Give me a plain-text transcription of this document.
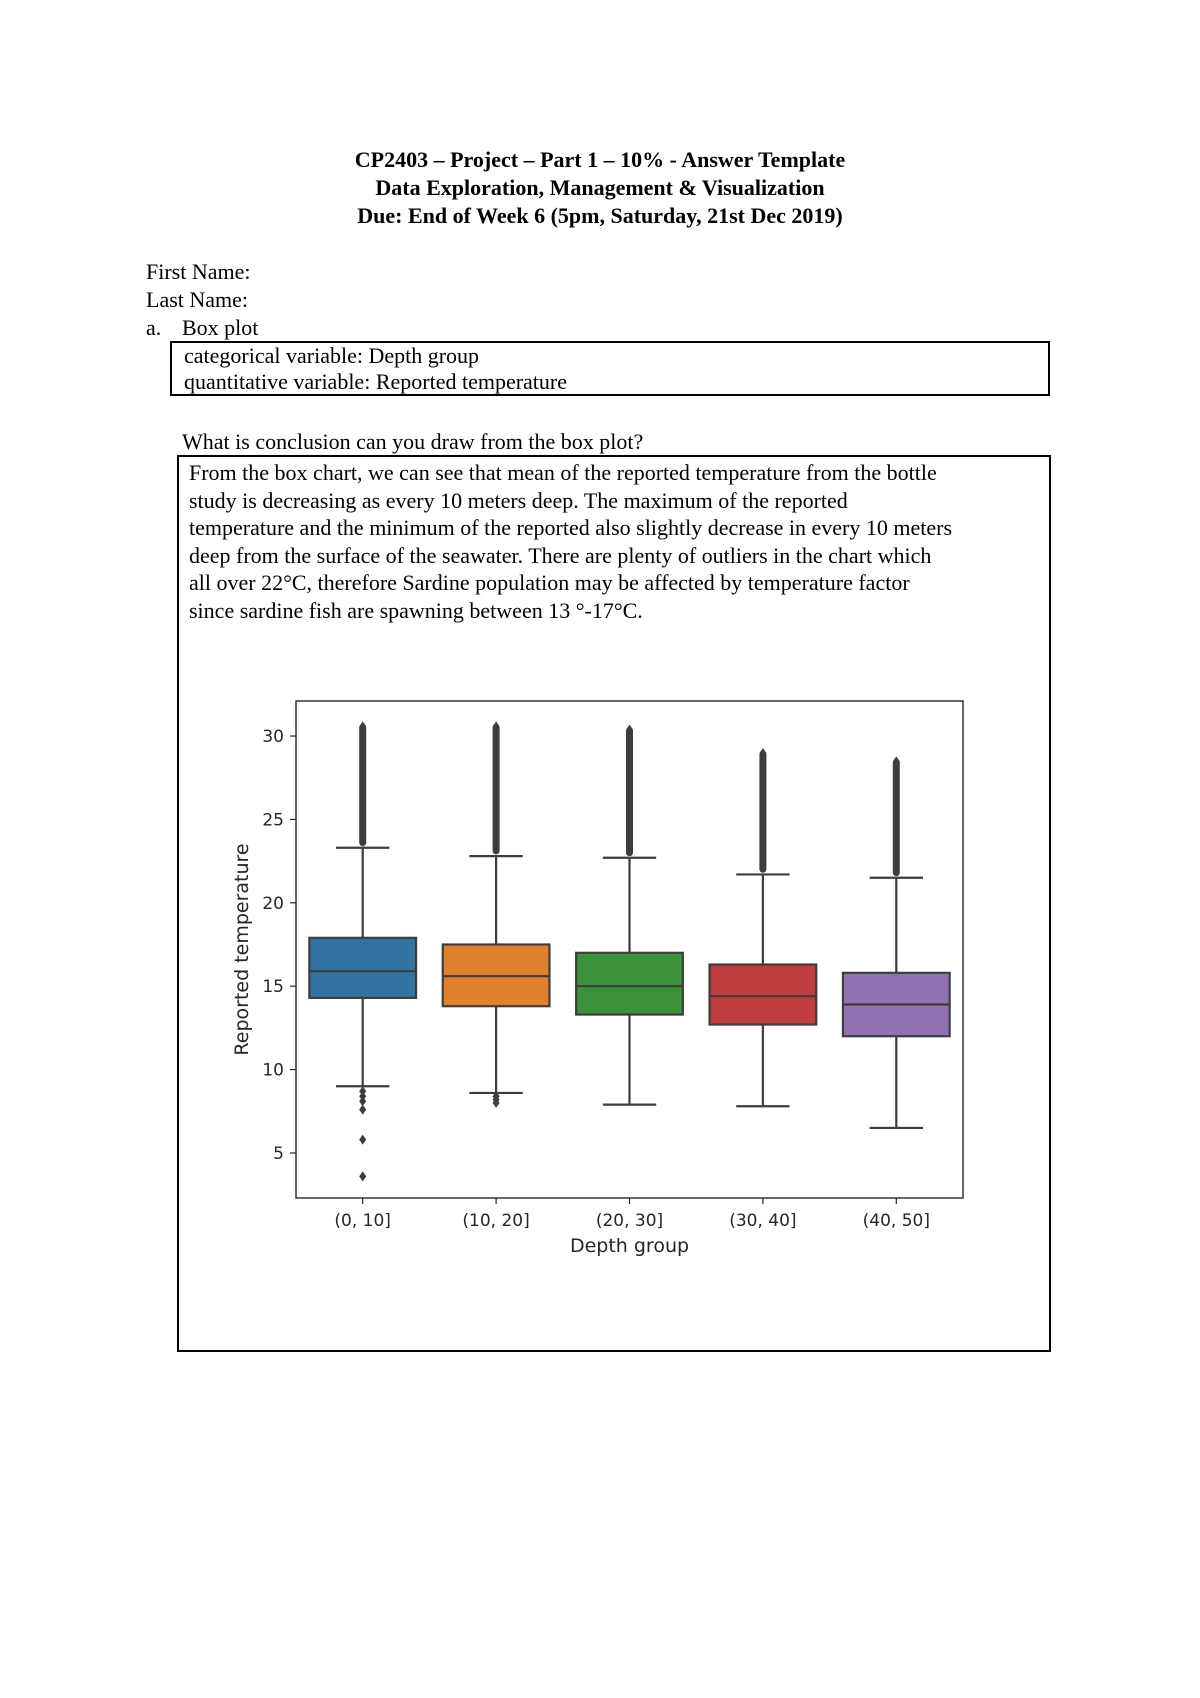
CP2403 – Project – Part 1 – 10% - Answer Template
Data Exploration, Management & Visualization
Due: End of Week 6 (5pm, Saturday, 21st Dec 2019)
First Name:
Last Name:
a. Box plot
categorical variable: Depth group
quantitative variable: Reported temperature
What is conclusion can you draw from the box plot?
From the box chart, we can see that mean of the reported temperature from the bottle
study is decreasing as every 10 meters deep. The maximum of the reported
temperature and the minimum of the reported also slightly decrease in every 10 meters
deep from the surface of the seawater. There are plenty of outliers in the chart which
all over 22°C, therefore Sardine population may be affected by temperature factor
since sardine fish are spawning between 13 °-17°C.
5
10
15
20
25
30
(0, 10]	(10, 20]	(20, 30]	(30, 40]	(40, 50]
Depth group
Reported temperature
